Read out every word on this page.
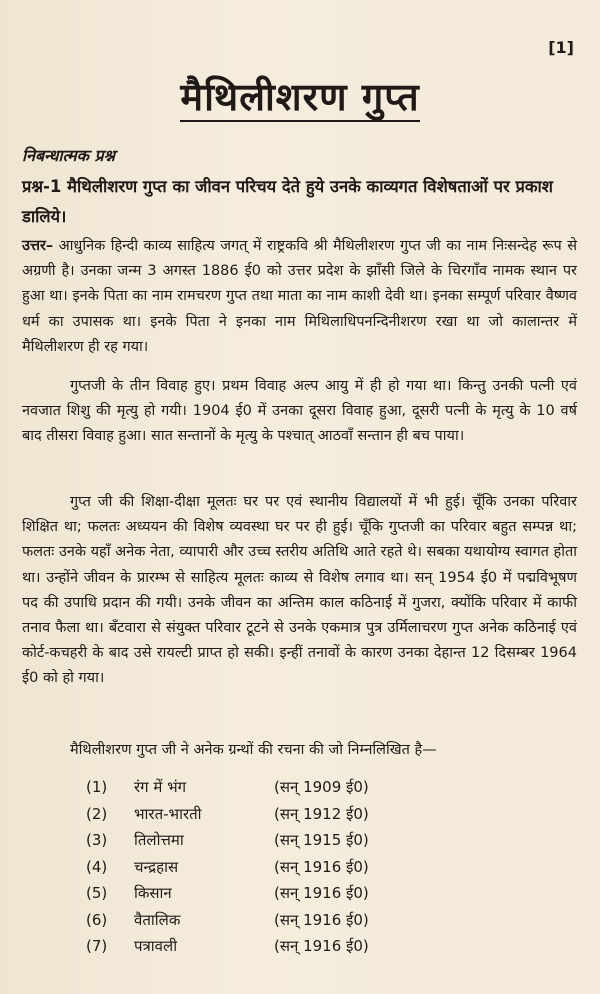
[1]
मैथिलीशरण गुप्त
निबन्धात्मक प्रश्न
प्रश्न-1 मैथिलीशरण गुप्त का जीवन परिचय देते हुये उनके काव्यगत विशेषताओं पर प्रकाश डालिये।
उत्तर– आधुनिक हिन्दी काव्य साहित्य जगत् में राष्ट्रकवि श्री मैथिलीशरण गुप्त जी का नाम निःसन्देह रूप से अग्रणी है। उनका जन्म 3 अगस्त 1886 ई0 को उत्तर प्रदेश के झाँसी जिले के चिरगाँव नामक स्थान पर हुआ था। इनके पिता का नाम रामचरण गुप्त तथा माता का नाम काशी देवी था। इनका सम्पूर्ण परिवार वैष्णव धर्म का उपासक था। इनके पिता ने इनका नाम मिथिलाधिपनन्दिनीशरण रखा था जो कालान्तर में मैथिलीशरण ही रह गया।
गुप्तजी के तीन विवाह हुए। प्रथम विवाह अल्प आयु में ही हो गया था। किन्तु उनकी पत्नी एवं नवजात शिशु की मृत्यु हो गयी। 1904 ई0 में उनका दूसरा विवाह हुआ, दूसरी पत्नी के मृत्यु के 10 वर्ष बाद तीसरा विवाह हुआ। सात सन्तानों के मृत्यु के पश्चात् आठवाँ सन्तान ही बच पाया।
गुप्त जी की शिक्षा-दीक्षा मूलतः घर पर एवं स्थानीय विद्यालयों में भी हुई। चूँकि उनका परिवार शिक्षित था; फलतः अध्ययन की विशेष व्यवस्था घर पर ही हुई। चूँकि गुप्तजी का परिवार बहुत सम्पन्न था; फलतः उनके यहाँ अनेक नेता, व्यापारी और उच्च स्तरीय अतिथि आते रहते थे। सबका यथायोग्य स्वागत होता था। उन्होंने जीवन के प्रारम्भ से साहित्य मूलतः काव्य से विशेष लगाव था। सन् 1954 ई0 में पद्मविभूषण पद की उपाधि प्रदान की गयी। उनके जीवन का अन्तिम काल कठिनाई में गुजरा, क्योंकि परिवार में काफी तनाव फैला था। बँटवारा से संयुक्त परिवार टूटने से उनके एकमात्र पुत्र उर्मिलाचरण गुप्त अनेक कठिनाई एवं कोर्ट-कचहरी के बाद उसे रायल्टी प्राप्त हो सकी। इन्हीं तनावों के कारण उनका देहान्त 12 दिसम्बर 1964 ई0 को हो गया।
मैथिलीशरण गुप्त जी ने अनेक ग्रन्थों की रचना की जो निम्नलिखित है—
(1)	रंग में भंग	(सन् 1909 ई0)
(2)	भारत-भारती	(सन् 1912 ई0)
(3)	तिलोत्तमा	(सन् 1915 ई0)
(4)	चन्द्रहास	(सन् 1916 ई0)
(5)	किसान	(सन् 1916 ई0)
(6)	वैतालिक	(सन् 1916 ई0)
(7)	पत्रावली	(सन् 1916 ई0)
